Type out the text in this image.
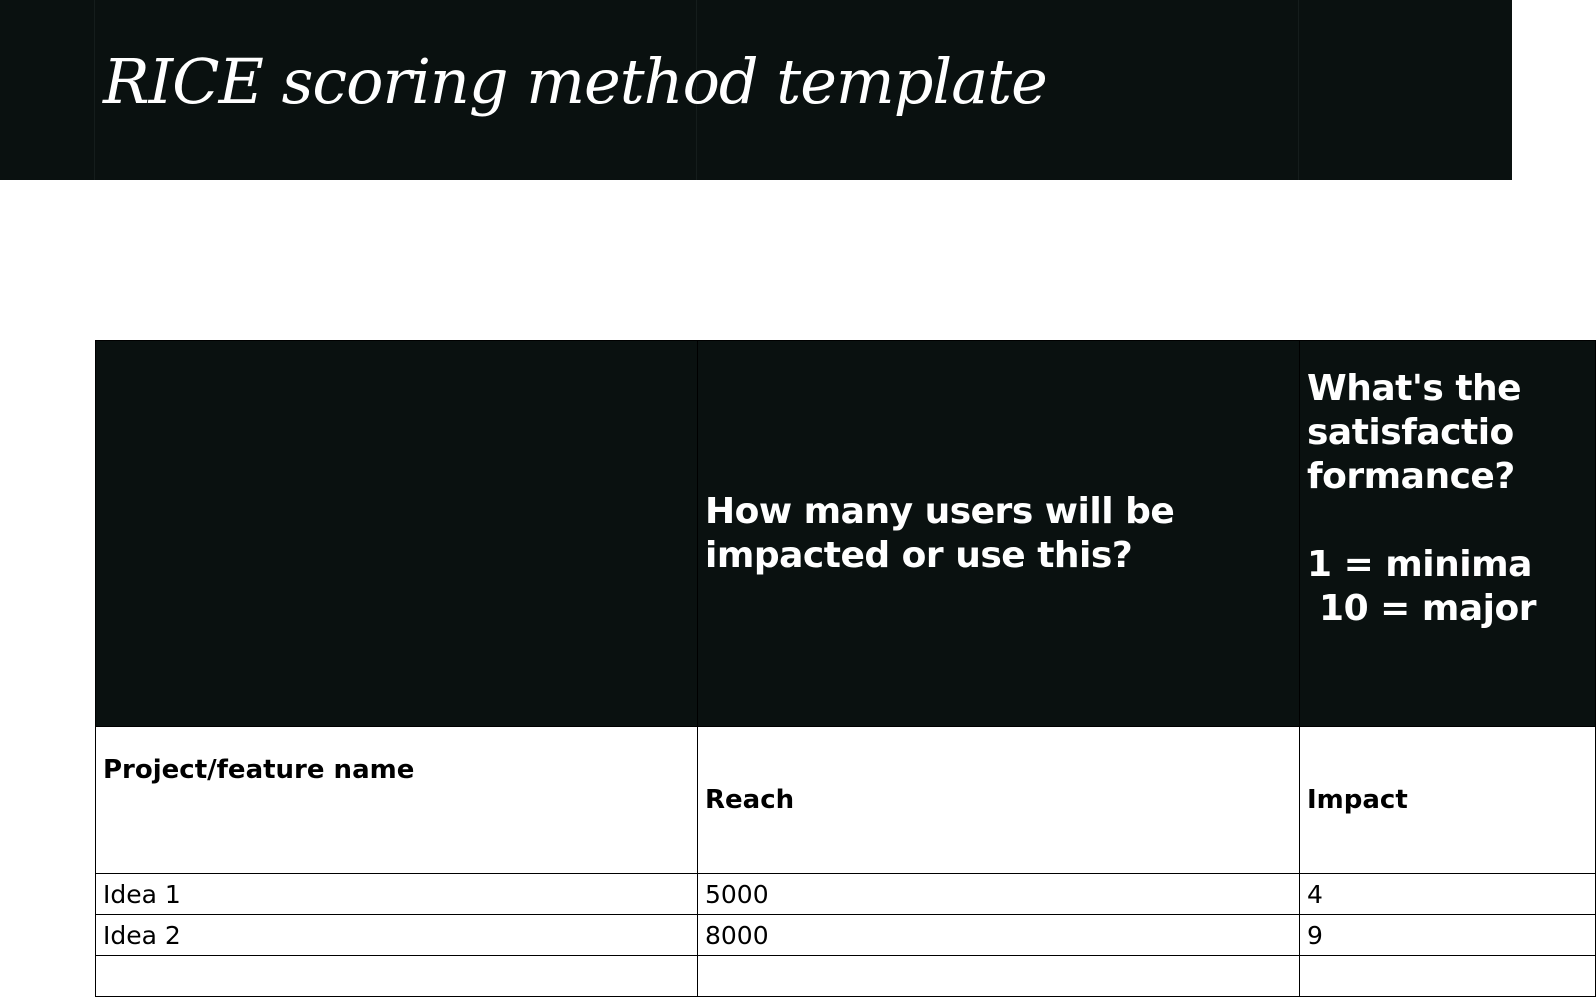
RICE scoring method template
	How many users will be impacted or use this?	What's the
satisfactio
formance?

1 = minima
10 = major

Project/feature name	Reach	Impact
Idea 1	5000	4
Idea 2	8000	9
